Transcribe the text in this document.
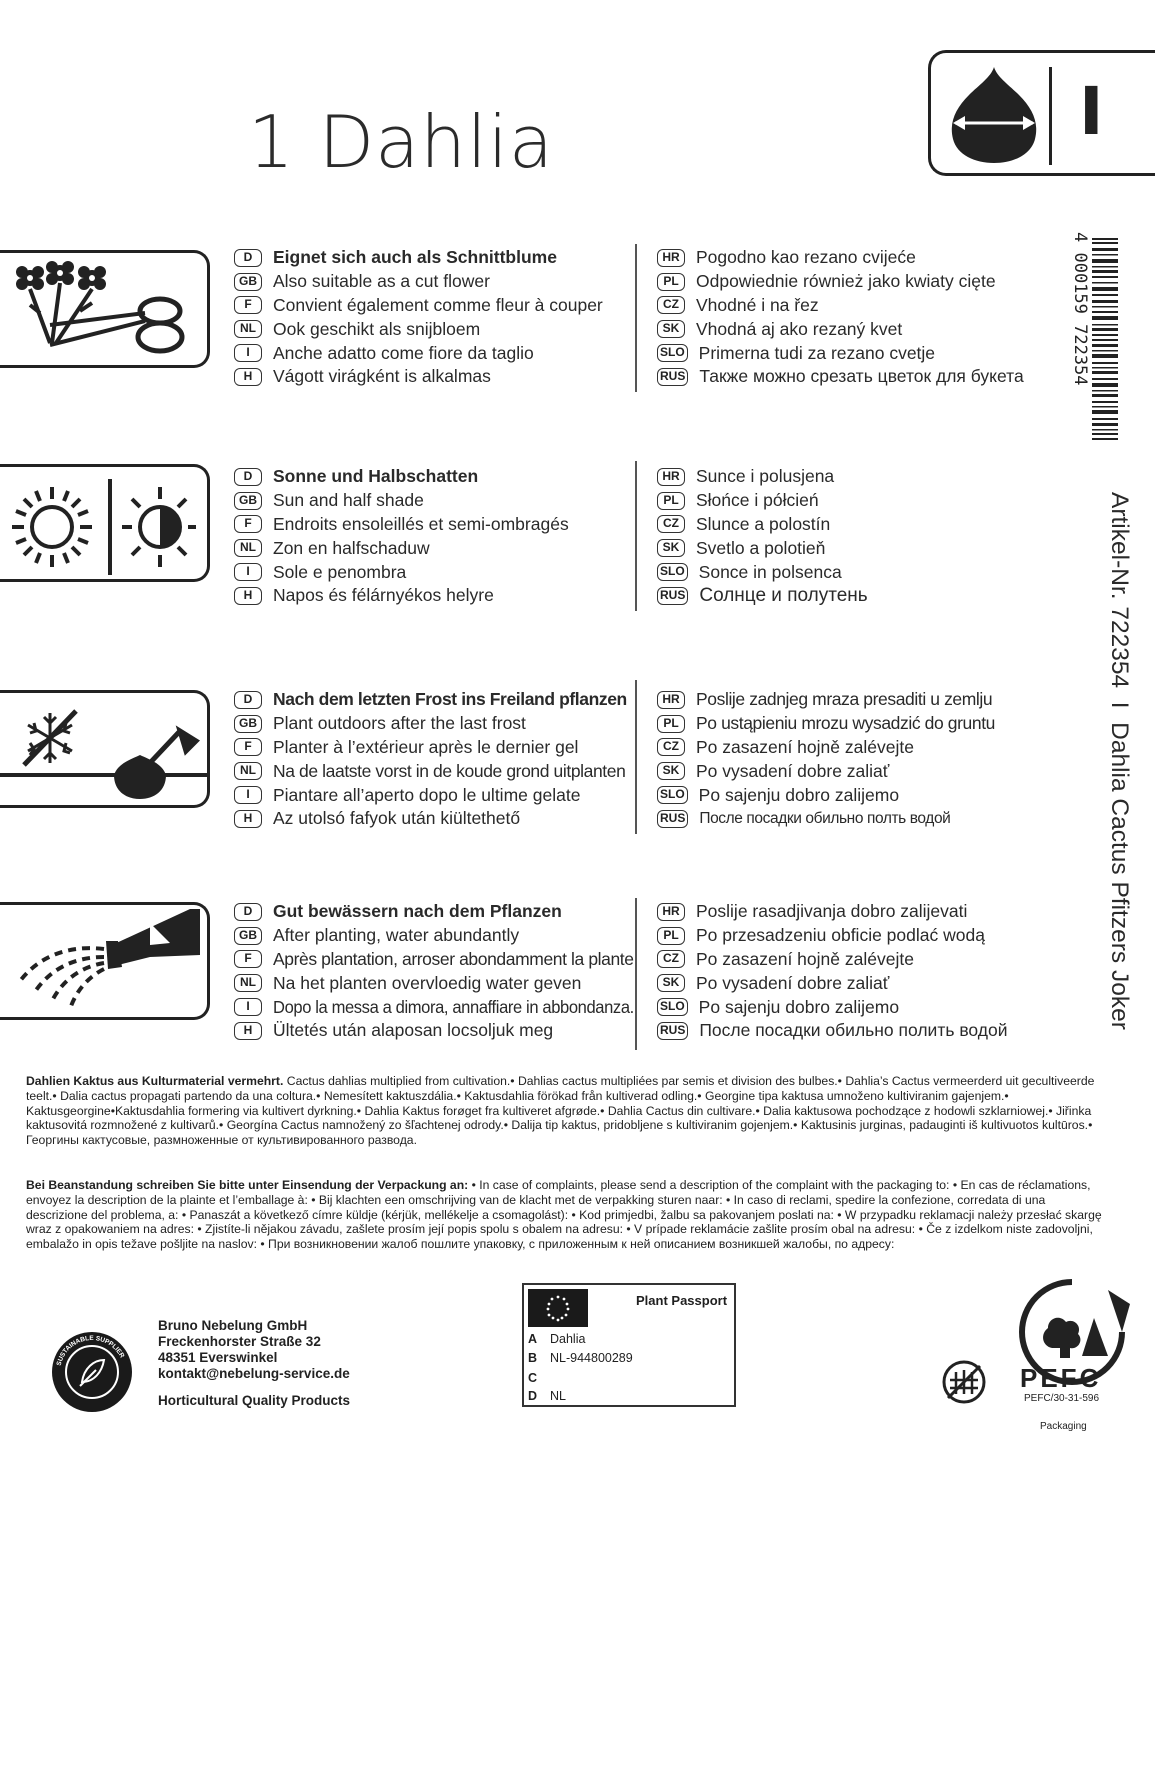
1 Dahlia	I
D	Eignet sich auch als Schnittblume
GB Also suitable as a cut flower
F	Convient également comme fleur à couper
NL Ook geschikt als snijbloem
I	Anche adatto come fiore da taglio
H	Vágott virágként is alkalmas
HR Pogodno kao rezano cvijeće
PL Odpowiednie również jako kwiaty cięte
CZ Vhodné i na řez
SK Vhodná aj ako rezaný kvet
SLO Primerna tudi za rezano cvetje
RUS Также можно срезать цветок для букета
D	Sonne und Halbschatten
GB Sun and half shade
F	Endroits ensoleillés et semi-ombragés
NL Zon en halfschaduw
I	Sole e penombra
H	Napos és félárnyékos helyre
HR Sunce i polusjena
PL Słońce i półcień
CZ Slunce a polostín
SK Svetlo a polotieň
SLO Sonce in polsenca
RUS Солнце и полутень
D	Nach dem letzten Frost ins Freiland pflanzen
GB Plant outdoors after the last frost
F	Planter à l’extérieur après le dernier gel
NL Na de laatste vorst in de koude grond uitplanten
I	Piantare all’aperto dopo le ultime gelate
H	Az utolsó fafyok után kiültethető
HR Poslije zadnjeg mraza presaditi u zemlju
PL Po ustąpieniu mrozu wysadzić do gruntu
CZ Po zasazení hojně zalévejte
SK Po vysadení dobre zaliať
SLO Po sajenju dobro zalijemo
RUS После посадки обильно полть водой
D	Gut bewässern nach dem Pflanzen
GB After planting, water abundantly
F	Après plantation, arroser abondamment la plante
NL Na het planten overvloedig water geven
I	Dopo la messa a dimora, annaffiare in abbondanza.
H	Ültetés után alaposan locsoljuk meg
HR Poslije rasadjivanja dobro zalijevati
PL Po przesadzeniu obficie podlać wodą
CZ Po zasazení hojně zalévejte
SK Po vysadení dobre zaliať
SLO Po sajenju dobro zalijemo
RUS После посадки обильно полить водой
4 000159 722354
Artikel-Nr. 722354  I  Dahlia Cactus Pfitzers Joker
Dahlien Kaktus aus Kulturmaterial vermehrt. Cactus dahlias multiplied from cultivation.• Dahlias cactus multipliées par semis et division des bulbes.• Dahlia’s Cactus vermeerderd uit gecultiveerde teelt.• Dalia cactus propagati partendo da una coltura.• Nemesített kaktuszdália.• Kaktusdahlia förökad från kultiverad odling.• Georgine tipa kaktusa umnoženo kultiviranim gajenjem.• Kaktusgeorgine•Kaktusdahlia formering via kultivert dyrkning.• Dahlia Kaktus forøget fra kultiveret afgrøde.• Dahlia Cactus din cultivare.• Dalia kaktusowa pochodzące z hodowli szklarniowej.• Jiřinka kaktusovitá rozmnožené z kultivarů.• Georgína Cactus namnožený zo šľachtenej odrody.• Dalija tip kaktus, pridobljene s kultiviranim gojenjem.• Kaktusinis jurginas, padauginti iš kultivuotos kultūros.• Георгины кактусовые, размноженные от культивированного развода.
Bei Beanstandung schreiben Sie bitte unter Einsendung der Verpackung an: • In case of complaints, please send a description of the complaint with the packaging to: • En cas de réclamations, envoyez la description de la plainte et l’emballage à: • Bij klachten een omschrijving van de klacht met de verpakking sturen naar: • In caso di reclami, spedire la confezione, corredata di una descrizione del problema, a: • Panaszát a következő címre küldje (kérjük, mellékelje a csomagolást): • Kod primjedbi, žalbu sa pakovanjem poslati na: • W przypadku reklamacji należy przesłać skargę wraz z opakowaniem na adres: • Zjistíte-li nějakou závadu, zašlete prosím její popis spolu s obalem na adresu: • V prípade reklamácie zašlite prosím obal na adresu: • Če z izdelkom niste zadovoljni, embalažo in opis težave pošljite na naslov: • При возникновении жалоб пошлите упаковку, с приложенным к ней описанием возникшей жалобы, по адресу:
SUSTAINABLE SUPPLIER
Bruno Nebelung GmbH
Freckenhorster Straße 32
48351 Everswinkel
kontakt@nebelung-service.de
Horticultural Quality Products
Plant Passport
A Dahlia
B NL-944800289
C
D NL
PEFC
PEFC/30-31-596
Packaging
